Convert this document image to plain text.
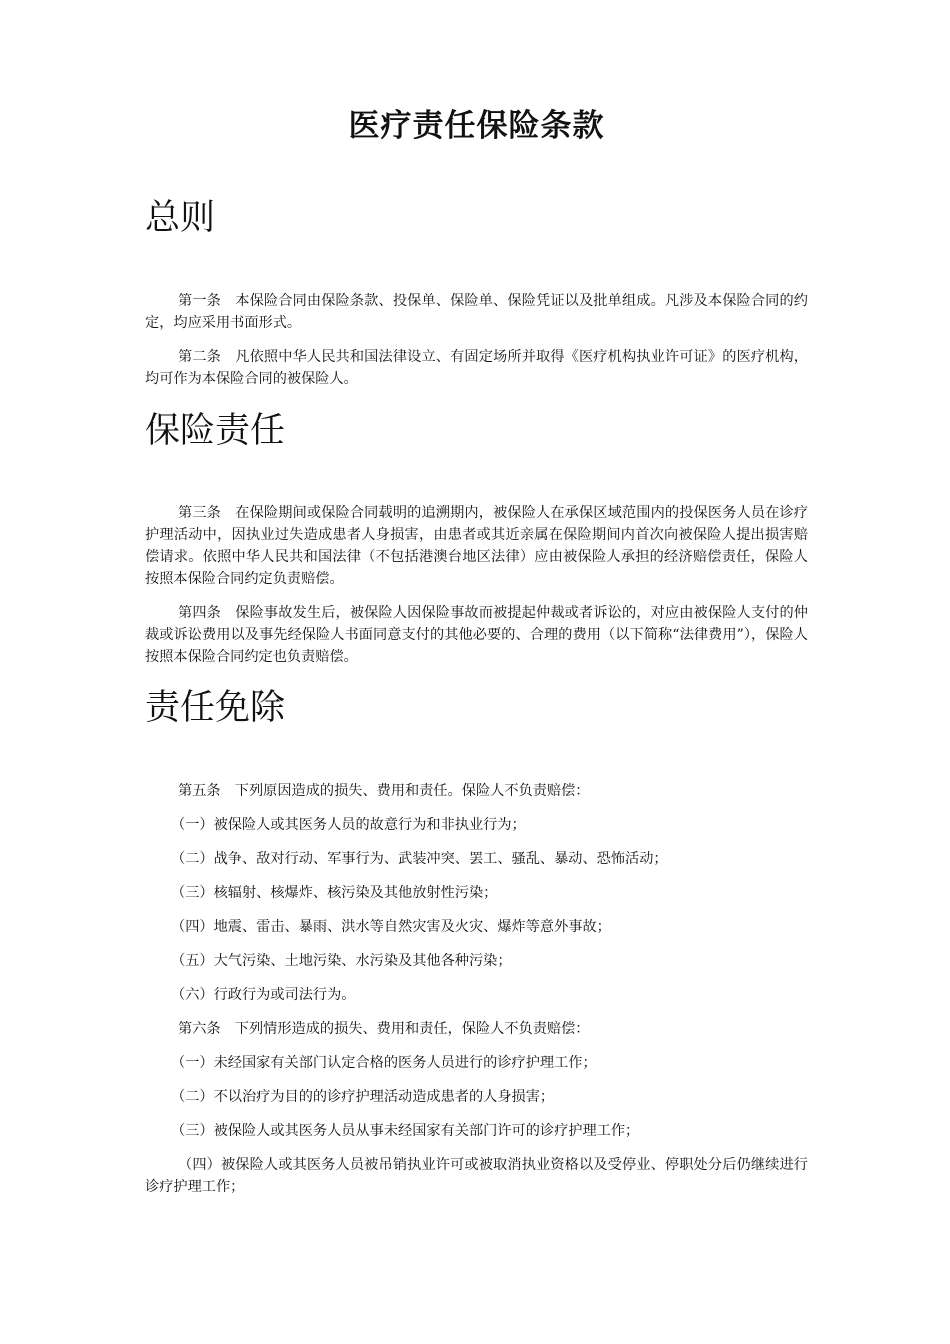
医疗责任保险条款
总则

第一条　本保险合同由保险条款、投保单、保险单、保险凭证以及批单组成。凡涉及本保险合同的约定，均应采用书面形式。

第二条　凡依照中华人民共和国法律设立、有固定场所并取得《医疗机构执业许可证》的医疗机构，均可作为本保险合同的被保险人。

保险责任

第三条　在保险期间或保险合同载明的追溯期内，被保险人在承保区域范围内的投保医务人员在诊疗护理活动中，因执业过失造成患者人身损害，由患者或其近亲属在保险期间内首次向被保险人提出损害赔偿请求。依照中华人民共和国法律（不包括港澳台地区法律）应由被保险人承担的经济赔偿责任，保险人按照本保险合同约定负责赔偿。

第四条　保险事故发生后，被保险人因保险事故而被提起仲裁或者诉讼的，对应由被保险人支付的仲裁或诉讼费用以及事先经保险人书面同意支付的其他必要的、合理的费用（以下简称“法律费用”），保险人按照本保险合同约定也负责赔偿。

责任免除

第五条　下列原因造成的损失、费用和责任。保险人不负责赔偿：

（一）被保险人或其医务人员的故意行为和非执业行为；

（二）战争、敌对行动、军事行为、武装冲突、罢工、骚乱、暴动、恐怖活动；

（三）核辐射、核爆炸、核污染及其他放射性污染；

（四）地震、雷击、暴雨、洪水等自然灾害及火灾、爆炸等意外事故；

（五）大气污染、土地污染、水污染及其他各种污染；

（六）行政行为或司法行为。

第六条　下列情形造成的损失、费用和责任，保险人不负责赔偿：

（一）未经国家有关部门认定合格的医务人员进行的诊疗护理工作；

（二）不以治疗为目的的诊疗护理活动造成患者的人身损害；

（三）被保险人或其医务人员从事未经国家有关部门许可的诊疗护理工作；

（四）被保险人或其医务人员被吊销执业许可或被取消执业资格以及受停业、停职处分后仍继续进行诊疗护理工作；
